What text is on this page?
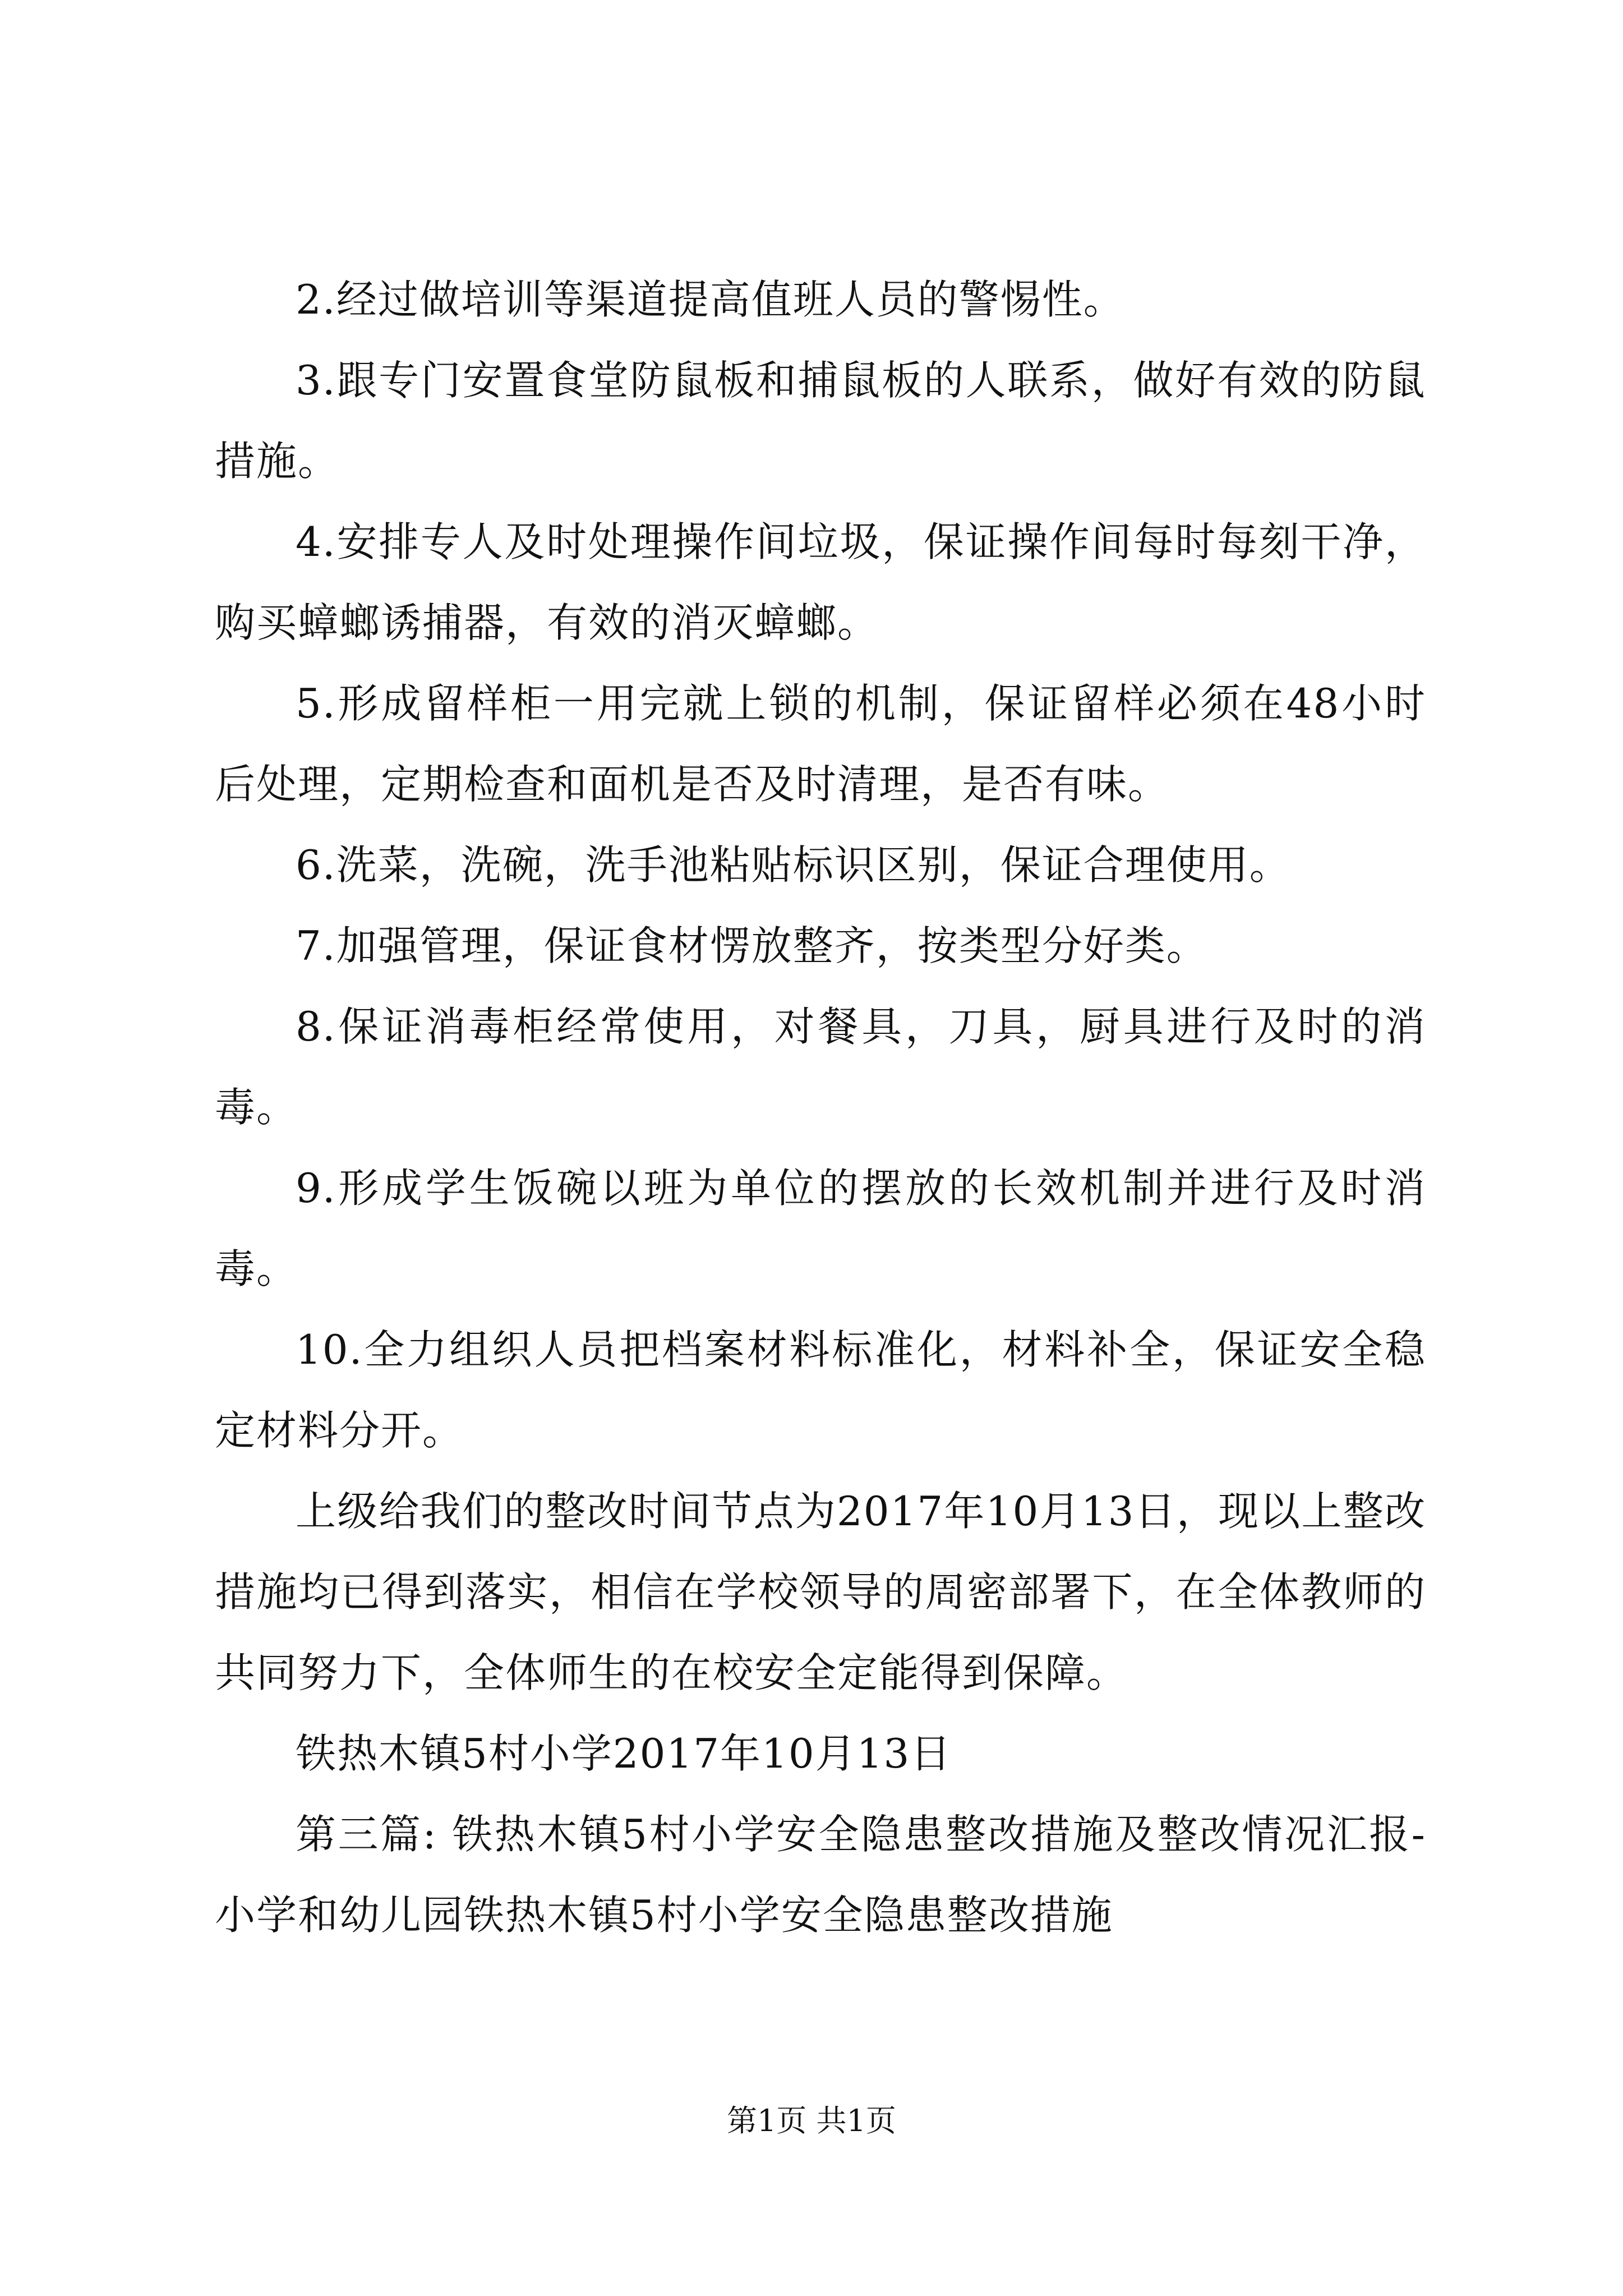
2.经过做培训等渠道提高值班人员的警惕性。

3.跟专门安置食堂防鼠板和捕鼠板的人联系，做好有效的防鼠措施。

4.安排专人及时处理操作间垃圾，保证操作间每时每刻干净，购买蟑螂诱捕器，有效的消灭蟑螂。

5.形成留样柜一用完就上锁的机制，保证留样必须在48小时后处理，定期检查和面机是否及时清理，是否有味。

6.洗菜，洗碗，洗手池粘贴标识区别，保证合理使用。

7.加强管理，保证食材愣放整齐，按类型分好类。

8.保证消毒柜经常使用，对餐具，刀具，厨具进行及时的消毒。

9.形成学生饭碗以班为单位的摆放的长效机制并进行及时消毒。

10.全力组织人员把档案材料标准化，材料补全，保证安全稳定材料分开。

上级给我们的整改时间节点为2017年10月13日，现以上整改措施均已得到落实，相信在学校领导的周密部署下，在全体教师的共同努力下，全体师生的在校安全定能得到保障。

铁热木镇5村小学2017年10月13日

第三篇: 铁热木镇5村小学安全隐患整改措施及整改情况汇报-小学和幼儿园铁热木镇5村小学安全隐患整改措施

第1页 共1页
